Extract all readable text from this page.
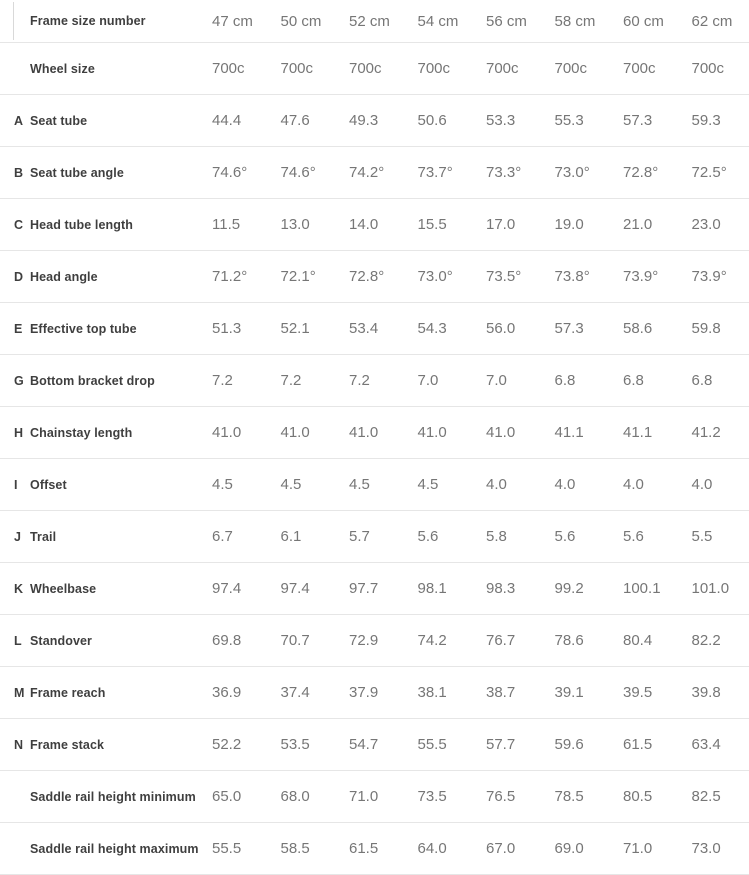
Frame size number	47 cm	50 cm	52 cm	54 cm	56 cm	58 cm	60 cm	62 cm
Wheel size	700c	700c	700c	700c	700c	700c	700c	700c
A Seat tube	44.4	47.6	49.3	50.6	53.3	55.3	57.3	59.3
B Seat tube angle	74.6°	74.6°	74.2°	73.7°	73.3°	73.0°	72.8°	72.5°
C Head tube length	11.5	13.0	14.0	15.5	17.0	19.0	21.0	23.0
D Head angle	71.2°	72.1°	72.8°	73.0°	73.5°	73.8°	73.9°	73.9°
E Effective top tube	51.3	52.1	53.4	54.3	56.0	57.3	58.6	59.8
G Bottom bracket drop	7.2	7.2	7.2	7.0	7.0	6.8	6.8	6.8
H Chainstay length	41.0	41.0	41.0	41.0	41.0	41.1	41.1	41.2
I	Offset	4.5	4.5	4.5	4.5	4.0	4.0	4.0	4.0
J Trail	6.7	6.1	5.7	5.6	5.8	5.6	5.6	5.5
K Wheelbase	97.4	97.4	97.7	98.1	98.3	99.2	100.1	101.0
L Standover	69.8	70.7	72.9	74.2	76.7	78.6	80.4	82.2
M Frame reach	36.9	37.4	37.9	38.1	38.7	39.1	39.5	39.8
N Frame stack	52.2	53.5	54.7	55.5	57.7	59.6	61.5	63.4
Saddle rail height minimum	65.0	68.0	71.0	73.5	76.5	78.5	80.5	82.5
Saddle rail height maximum 55.5	58.5	61.5	64.0	67.0	69.0	71.0	73.0
